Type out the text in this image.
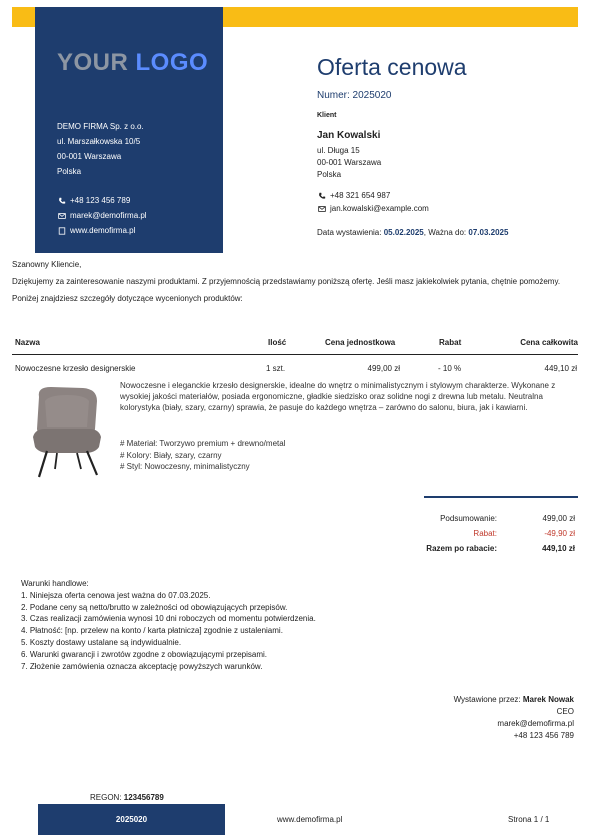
YOUR LOGO
DEMO FIRMA Sp. z o.o.
ul. Marszałkowska 10/5
00-001 Warszawa
Polska
+48 123 456 789
marek@demofirma.pl
www.demofirma.pl
Oferta cenowa
Numer: 2025020
Klient
Jan Kowalski
ul. Długa 15
00-001 Warszawa
Polska
+48 321 654 987
jan.kowalski@example.com
Data wystawienia: 05.02.2025, Ważna do: 07.03.2025

Szanowny Kliencie,

Dziękujemy za zainteresowanie naszymi produktami. Z przyjemnością przedstawiamy poniższą ofertę. Jeśli masz jakiekolwiek pytania, chętnie pomożemy.

Poniżej znajdziesz szczegóły dotyczące wycenionych produktów:

Nazwa	Ilość	Cena jednostkowa	Rabat	Cena całkowita
Nowoczesne krzesło designerskie	1 szt.	499,00 zł	- 10 %	449,10 zł

Nowoczesne i eleganckie krzesło designerskie, idealne do wnętrz o minimalistycznym i stylowym charakterze. Wykonane z wysokiej jakości materiałów, posiada ergonomiczne, gładkie siedzisko oraz solidne nogi z drewna lub metalu. Neutralna kolorystyka (biały, szary, czarny) sprawia, że pasuje do każdego wnętrza – zarówno do salonu, biura, jak i kawiarni.

# Materiał: Tworzywo premium + drewno/metal
# Kolory: Biały, szary, czarny
# Styl: Nowoczesny, minimalistyczny
Podsumowanie:	499,00 zł
Rabat:	-49,90 zł
Razem po rabacie:	449,10 zł
Warunki handlowe:
1. Niniejsza oferta cenowa jest ważna do 07.03.2025.
2. Podane ceny są netto/brutto w zależności od obowiązujących przepisów.
3. Czas realizacji zamówienia wynosi 10 dni roboczych od momentu potwierdzenia.
4. Płatność: [np. przelew na konto / karta płatnicza] zgodnie z ustaleniami.
5. Koszty dostawy ustalane są indywidualnie.
6. Warunki gwarancji i zwrotów zgodne z obowiązującymi przepisami.
7. Złożenie zamówienia oznacza akceptację powyższych warunków.
Wystawione przez: Marek Nowak
CEO
marek@demofirma.pl
+48 123 456 789
REGON: 123456789
2025020	www.demofirma.pl	Strona 1 / 1
